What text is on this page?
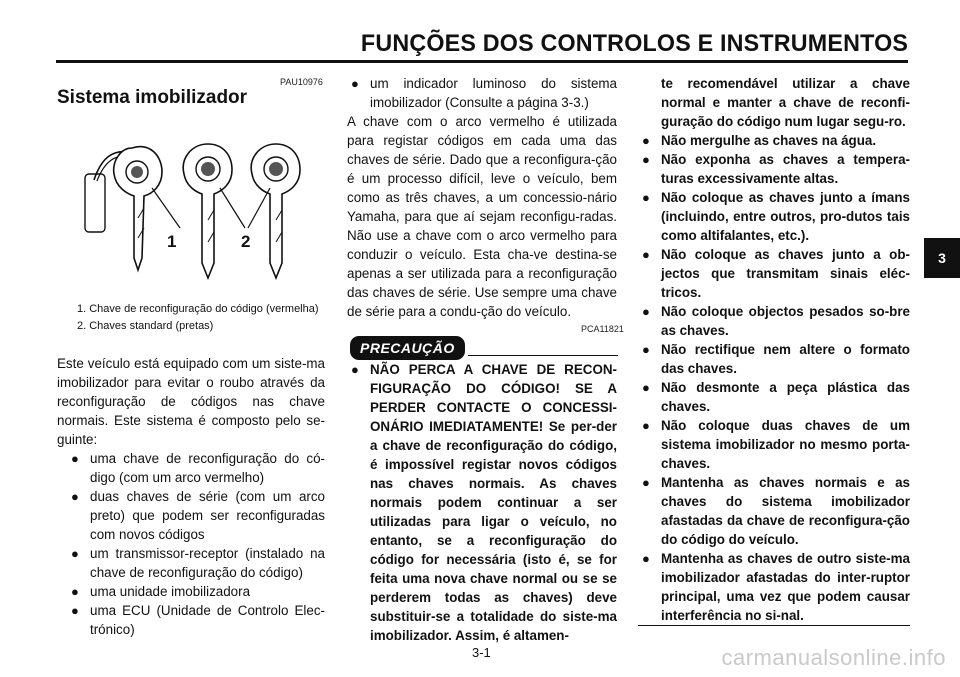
FUNÇÕES DOS CONTROLOS E INSTRUMENTOS
3
PAU10976
Sistema imobilizador
1	2
1. Chave de reconfiguração do código (vermelha)
2. Chaves standard (pretas)

Este veículo está equipado com um siste-ma imobilizador para evitar o roubo através da reconfiguração de códigos nas chave normais. Este sistema é composto pelo se-guinte:

● uma chave de reconfiguração do có-digo (com um arco vermelho)
● duas chaves de série (com um arco preto) que podem ser reconfiguradas com novos códigos
● um transmissor-receptor (instalado na chave de reconfiguração do código)
● uma unidade imobilizadora
● uma ECU (Unidade de Controlo Elec-trónico)
● um indicador luminoso do sistema imobilizador (Consulte a página 3-3.)

A chave com o arco vermelho é utilizada para registar códigos em cada uma das chaves de série. Dado que a reconfigura-ção é um processo difícil, leve o veículo, bem como as três chaves, a um concessio-nário Yamaha, para que aí sejam reconfigu-radas. Não use a chave com o arco vermelho para conduzir o veículo. Esta cha-ve destina-se apenas a ser utilizada para a reconfiguração das chaves de série. Use sempre uma chave de série para a condu-ção do veículo.

PCA11821
PRECAUÇÃO
● NÃO PERCA A CHAVE DE RECON-FIGURAÇÃO DO CÓDIGO! SE A PERDER CONTACTE O CONCESSI-ONÁRIO IMEDIATAMENTE! Se per-der a chave de reconfiguração do código, é impossível registar novos códigos nas chaves normais. As chaves normais podem continuar a ser utilizadas para ligar o veículo, no entanto, se a reconfiguração do código for necessária (isto é, se for feita uma nova chave normal ou se se perderem todas as chaves) deve substituir-se a totalidade do siste-ma imobilizador. Assim, é altamen-

te recomendável utilizar a chave normal e manter a chave de reconfi-guração do código num lugar segu-ro.

● Não mergulhe as chaves na água.
● Não exponha as chaves a tempera-turas excessivamente altas.
● Não coloque as chaves junto a ímans (incluindo, entre outros, pro-dutos tais como altifalantes, etc.).
● Não coloque as chaves junto a ob-jectos que transmitam sinais eléc-tricos.
● Não coloque objectos pesados so-bre as chaves.
● Não rectifique nem altere o formato das chaves.
● Não desmonte a peça plástica das chaves.
● Não coloque duas chaves de um sistema imobilizador no mesmo porta-chaves.
● Mantenha as chaves normais e as chaves do sistema imobilizador afastadas da chave de reconfigura-ção do código do veículo.
● Mantenha as chaves de outro siste-ma imobilizador afastadas do inter-ruptor principal, uma vez que podem causar interferência no si-nal.
3-1	carmanualsonline.info
